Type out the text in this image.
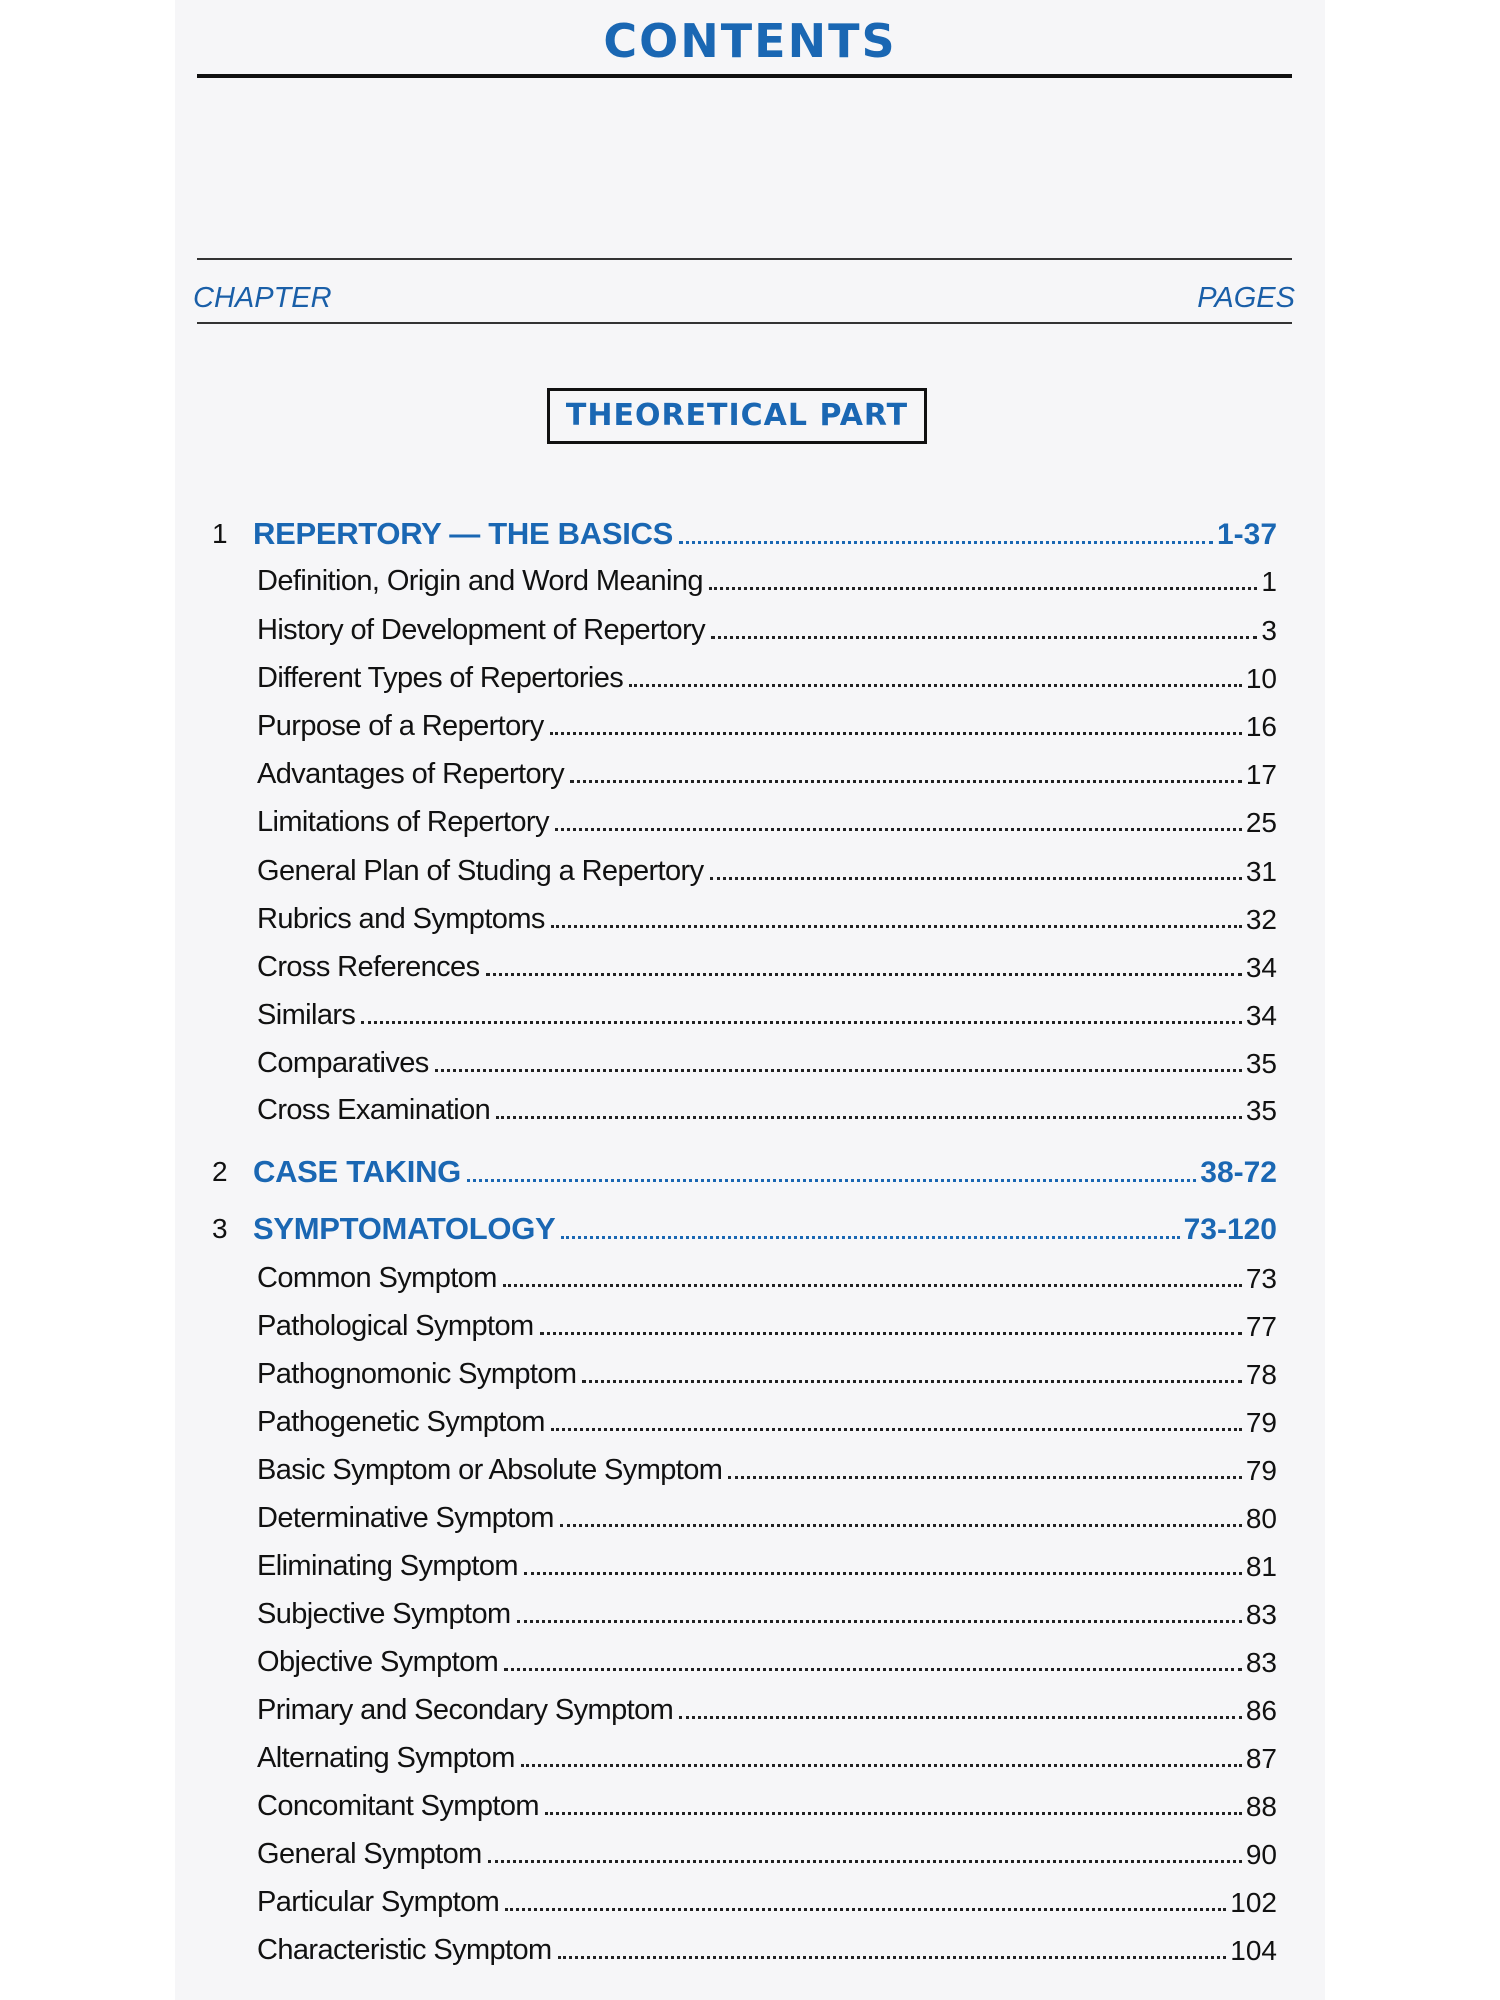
CONTENTS
CHAPTER	PAGES
THEORETICAL PART
1 REPERTORY — THE BASICS	1-37
Definition, Origin and Word Meaning	1
History of Development of Repertory	3
Different Types of Repertories	10
Purpose of a Repertory	16
Advantages of Repertory	17
Limitations of Repertory	25
General Plan of Studing a Repertory	31
Rubrics and Symptoms	32
Cross References	34
Similars	34
Comparatives	35
Cross Examination	35
2 CASE TAKING	38-72
3 SYMPTOMATOLOGY	73-120
Common Symptom	73
Pathological Symptom	77
Pathognomonic Symptom	78
Pathogenetic Symptom	79
Basic Symptom or Absolute Symptom	79
Determinative Symptom	80
Eliminating Symptom	81
Subjective Symptom	83
Objective Symptom	83
Primary and Secondary Symptom	86
Alternating Symptom	87
Concomitant Symptom	88
General Symptom	90
Particular Symptom	102
Characteristic Symptom	104
